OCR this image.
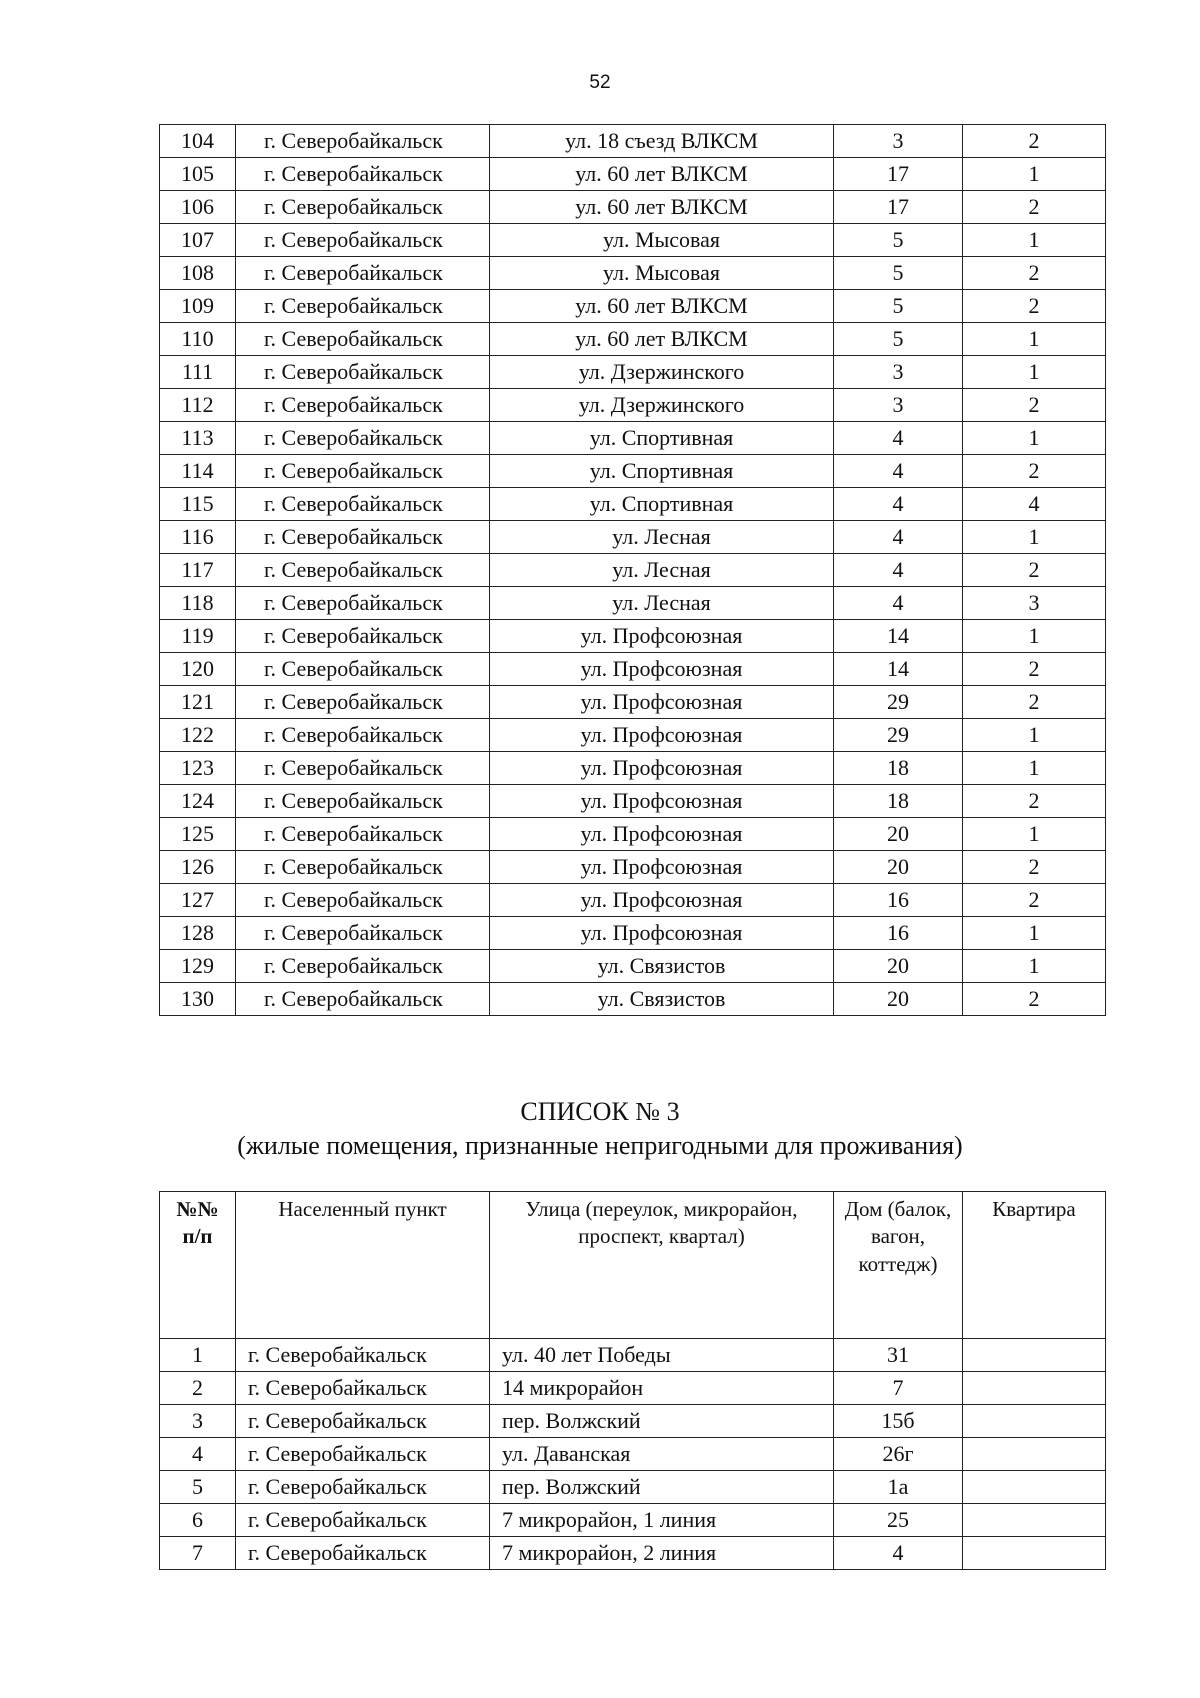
52
104	г. Северобайкальск	ул. 18 съезд ВЛКСМ	3	2
105	г. Северобайкальск	ул. 60 лет ВЛКСМ	17	1
106	г. Северобайкальск	ул. 60 лет ВЛКСМ	17	2
107	г. Северобайкальск	ул. Мысовая	5	1
108	г. Северобайкальск	ул. Мысовая	5	2
109	г. Северобайкальск	ул. 60 лет ВЛКСМ	5	2
110	г. Северобайкальск	ул. 60 лет ВЛКСМ	5	1
111	г. Северобайкальск	ул. Дзержинского	3	1
112	г. Северобайкальск	ул. Дзержинского	3	2
113	г. Северобайкальск	ул. Спортивная	4	1
114	г. Северобайкальск	ул. Спортивная	4	2
115	г. Северобайкальск	ул. Спортивная	4	4
116	г. Северобайкальск	ул. Лесная	4	1
117	г. Северобайкальск	ул. Лесная	4	2
118	г. Северобайкальск	ул. Лесная	4	3
119	г. Северобайкальск	ул. Профсоюзная	14	1
120	г. Северобайкальск	ул. Профсоюзная	14	2
121	г. Северобайкальск	ул. Профсоюзная	29	2
122	г. Северобайкальск	ул. Профсоюзная	29	1
123	г. Северобайкальск	ул. Профсоюзная	18	1
124	г. Северобайкальск	ул. Профсоюзная	18	2
125	г. Северобайкальск	ул. Профсоюзная	20	1
126	г. Северобайкальск	ул. Профсоюзная	20	2
127	г. Северобайкальск	ул. Профсоюзная	16	2
128	г. Северобайкальск	ул. Профсоюзная	16	1
129	г. Северобайкальск	ул. Связистов	20	1
130	г. Северобайкальск	ул. Связистов	20	2
СПИСОК № 3
(жилые помещения, признанные непригодными для проживания)
№№
п/п	Населенный пункт	Улица (переулок, микрорайон, проспект, квартал)	Дом (балок, вагон, коттедж)	Квартира
1	г. Северобайкальск	ул. 40 лет Победы	31	
2	г. Северобайкальск	14 микрорайон	7	
3	г. Северобайкальск	пер. Волжский	15б	
4	г. Северобайкальск	ул. Даванская	26г	
5	г. Северобайкальск	пер. Волжский	1а	
6	г. Северобайкальск	7 микрорайон, 1 линия	25	
7	г. Северобайкальск	7 микрорайон, 2 линия	4	
